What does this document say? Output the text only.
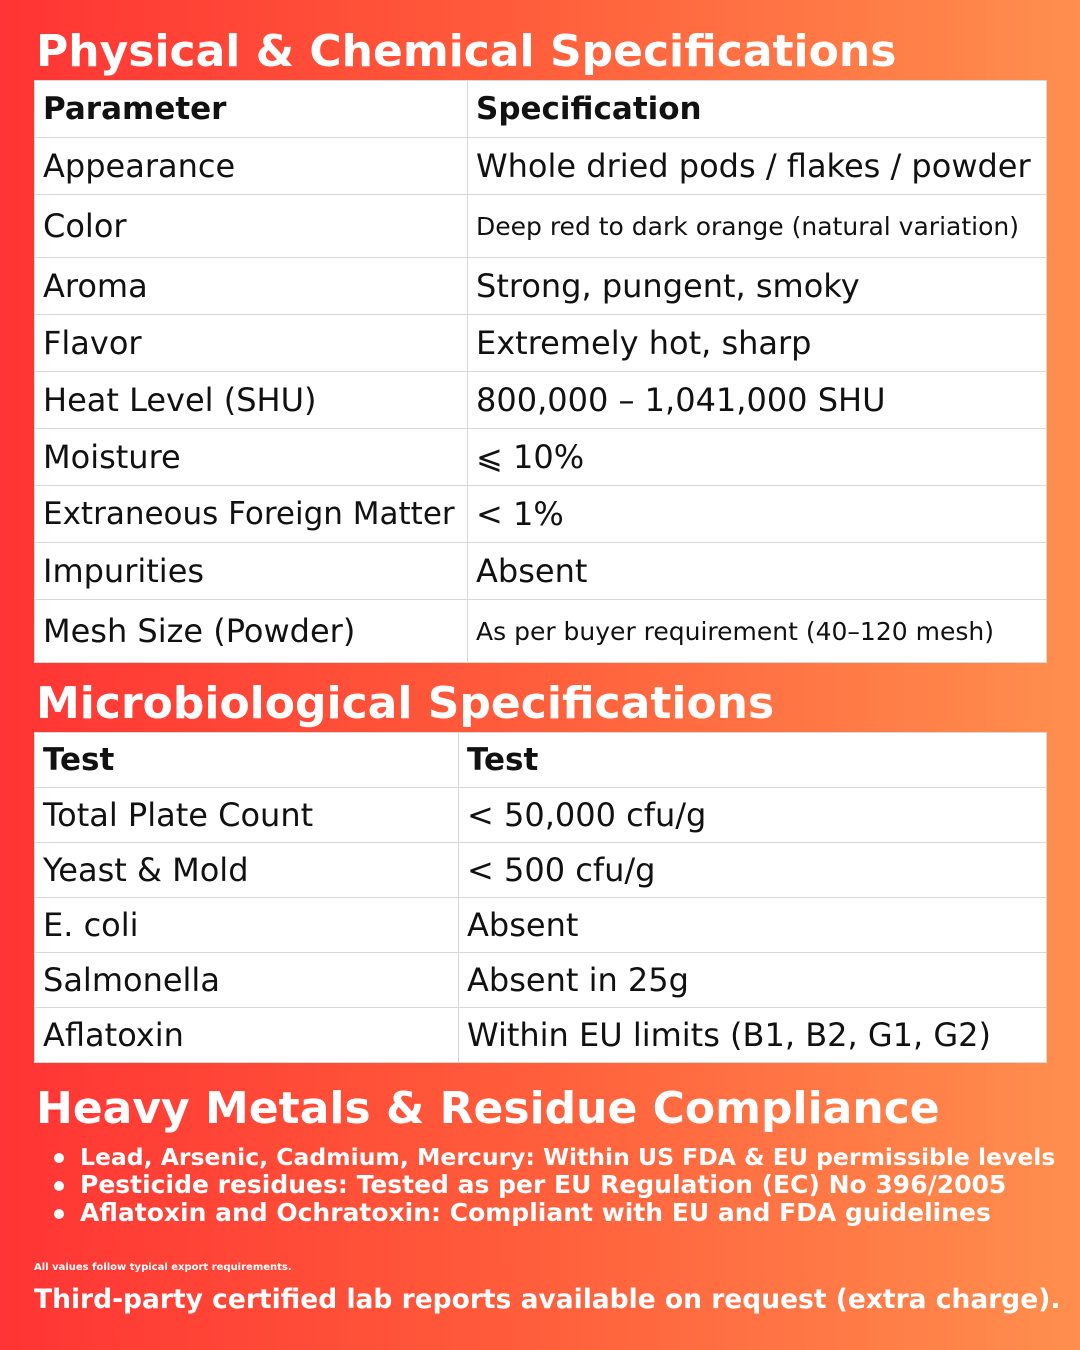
Physical & Chemical Specifications
Parameter	Specification
Appearance	Whole dried pods / flakes / powder
Color	Deep red to dark orange (natural variation)
Aroma	Strong, pungent, smoky
Flavor	Extremely hot, sharp
Heat Level (SHU)	800,000 – 1,041,000 SHU
Moisture	⩽ 10%
Extraneous Foreign Matter	< 1%
Impurities	Absent
Mesh Size (Powder)	As per buyer requirement (40–120 mesh)
Microbiological Specifications
Test	Test
Total Plate Count	< 50,000 cfu/g
Yeast & Mold	< 500 cfu/g
E. coli	Absent
Salmonella	Absent in 25g
Aflatoxin	Within EU limits (B1, B2, G1, G2)
Heavy Metals & Residue Compliance
Lead, Arsenic, Cadmium, Mercury: Within US FDA & EU permissible levels
Pesticide residues: Tested as per EU Regulation (EC) No 396/2005
Aflatoxin and Ochratoxin: Compliant with EU and FDA guidelines
All values follow typical export requirements.
Third-party certified lab reports available on request (extra charge).
